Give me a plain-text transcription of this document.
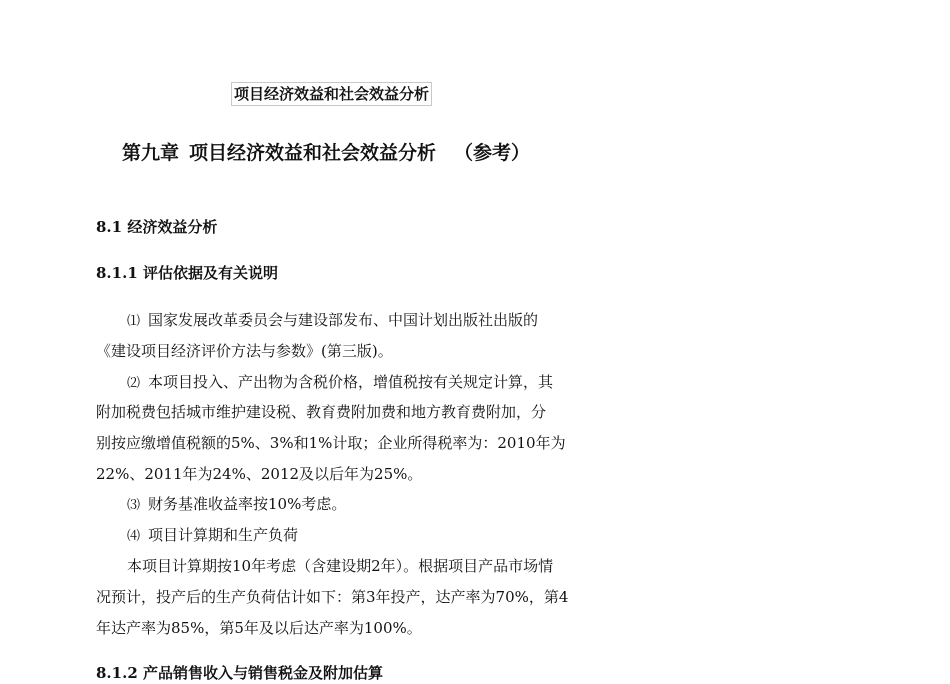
项目经济效益和社会效益分析
第九章 项目经济效益和社会效益分析 （参考）
8.1 经济效益分析
8.1.1 评估依据及有关说明
⑴ 国家发展改革委员会与建设部发布、中国计划出版社出版的
《建设项目经济评价方法与参数》(第三版)。
⑵ 本项目投入、产出物为含税价格，增值税按有关规定计算，其
附加税费包括城市维护建设税、教育费附加费和地方教育费附加，分
别按应缴增值税额的5%、3%和1%计取；企业所得税率为：2010年为
22%、2011年为24%、2012及以后年为25%。
⑶ 财务基准收益率按10%考虑。
⑷ 项目计算期和生产负荷
本项目计算期按10年考虑（含建设期2年）。根据项目产品市场情
况预计，投产后的生产负荷估计如下：第3年投产，达产率为70%，第4
年达产率为85%，第5年及以后达产率为100%。
8.1.2 产品销售收入与销售税金及附加估算
